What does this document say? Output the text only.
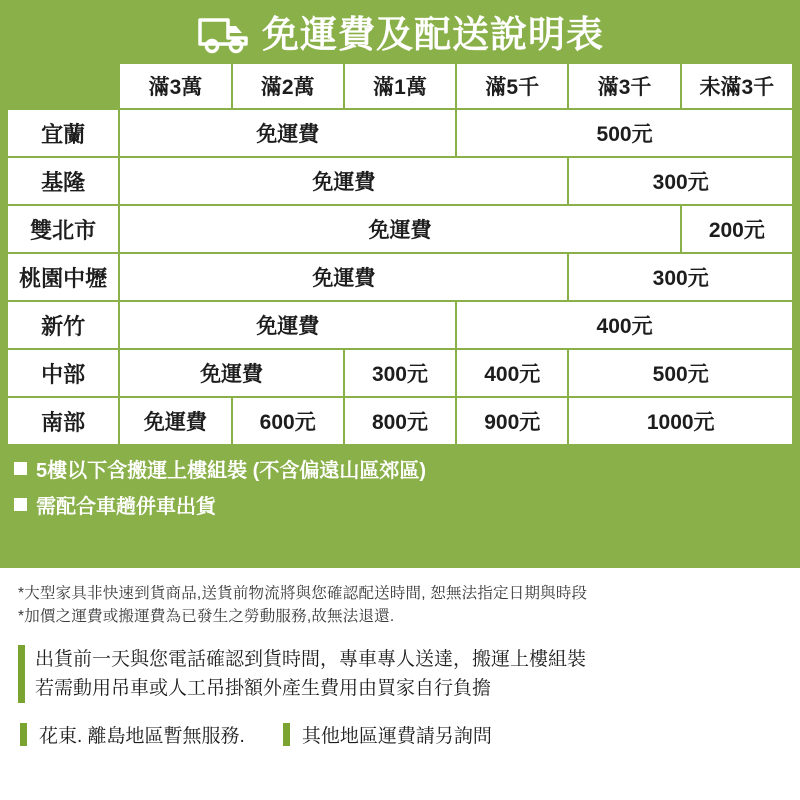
免運費及配送說明表
	滿3萬	滿2萬	滿1萬	滿5千	滿3千	未滿3千
宜蘭	免運費			500元		
基隆	免運費				300元	
雙北市	免運費					200元
桃園中壢	免運費				300元	
新竹	免運費			400元		
中部	免運費		300元	400元	500元	
南部	免運費	600元	800元	900元	1000元	
5樓以下含搬運上樓組裝 (不含偏遠山區郊區)
需配合車趟併車出貨
*大型家具非快速到貨商品,送貨前物流將與您確認配送時間, 恕無法指定日期與時段
*加價之運費或搬運費為已發生之勞動服務,故無法退還.
出貨前一天與您電話確認到貨時間，專車專人送達，搬運上樓組裝
若需動用吊車或人工吊掛額外產生費用由買家自行負擔
花東. 離島地區暫無服務.	其他地區運費請另詢問
